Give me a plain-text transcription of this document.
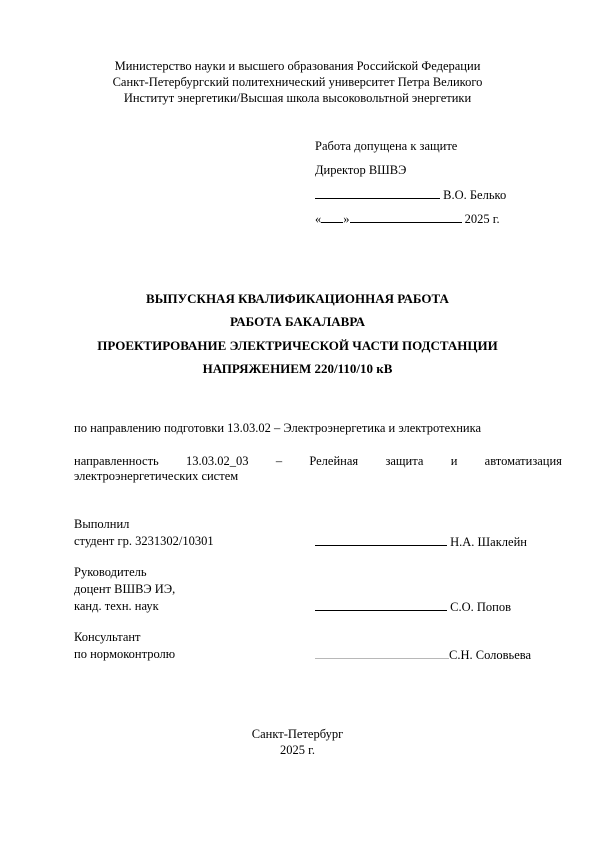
Министерство науки и высшего образования Российской Федерации
Санкт-Петербургский политехнический университет Петра Великого
Институт энергетики/Высшая школа высоковольтной энергетики
Работа допущена к защите
Директор ВШВЭ
В.О. Белько
« »	2025 г.
ВЫПУСКНАЯ КВАЛИФИКАЦИОННАЯ РАБОТА
РАБОТА БАКАЛАВРА
ПРОЕКТИРОВАНИЕ ЭЛЕКТРИЧЕСКОЙ ЧАСТИ ПОДСТАНЦИИ
НАПРЯЖЕНИЕМ 220/110/10 кВ
по направлению подготовки 13.03.02 – Электроэнергетика и электротехника
направленность 13.03.02_03 – Релейная защита и автоматизация
электроэнергетических систем
Выполнил
студент гр. 3231302/10301	Н.А. Шаклейн
Руководитель
доцент ВШВЭ ИЭ,
канд. техн. наук	С.О. Попов
Консультант
по нормоконтролю	С.Н. Соловьева
Санкт-Петербург
2025 г.
